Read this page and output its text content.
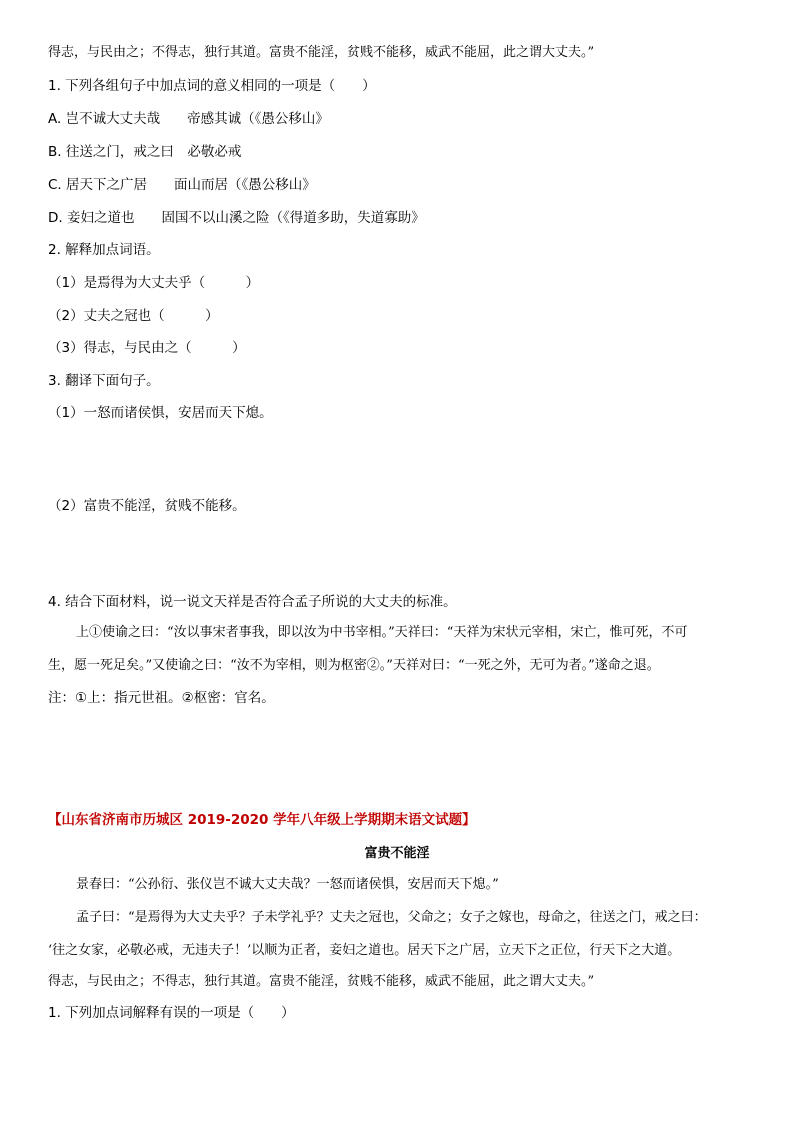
得志，与民由之；不得志，独行其道。富贵不能淫，贫贱不能移，威武不能屈，此之谓大丈夫。”
1. 下列各组句子中加点词的意义相同的一项是（　　）
A. 岂不诚大丈夫哉　　帝感其诚（《愚公移山》
B. 往送之门，戒之曰　必敬必戒
C. 居天下之广居　　面山而居（《愚公移山》
D. 妾妇之道也　　固国不以山溪之险（《得道多助，失道寡助》
2. 解释加点词语。
（1）是焉得为大丈夫乎（　　　）
（2）丈夫之冠也（　　　）
（3）得志，与民由之（　　　）
3. 翻译下面句子。
（1）一怒而诸侯惧，安居而天下熄。
（2）富贵不能淫，贫贱不能移。
4. 结合下面材料，说一说文天祥是否符合孟子所说的大丈夫的标准。
上①使谕之曰：“汝以事宋者事我，即以汝为中书宰相。”天祥曰：“天祥为宋状元宰相，宋亡，惟可死，不可
生，愿一死足矣。”又使谕之曰：“汝不为宰相，则为枢密②。”天祥对曰：“一死之外，无可为者。”遂命之退。
注：①上：指元世祖。②枢密：官名。
【山东省济南市历城区 2019-2020 学年八年级上学期期末语文试题】
富贵不能淫
景春曰：“公孙衍、张仪岂不诚大丈夫哉？一怒而诸侯惧，安居而天下熄。”
孟子曰：“是焉得为大丈夫乎？子未学礼乎？丈夫之冠也，父命之；女子之嫁也，母命之，往送之门，戒之曰：
‘往之女家，必敬必戒，无违夫子！’以顺为正者，妾妇之道也。居天下之广居，立天下之正位，行天下之大道。
得志，与民由之；不得志，独行其道。富贵不能淫，贫贱不能移，威武不能屈，此之谓大丈夫。”
1. 下列加点词解释有误的一项是（　　）
